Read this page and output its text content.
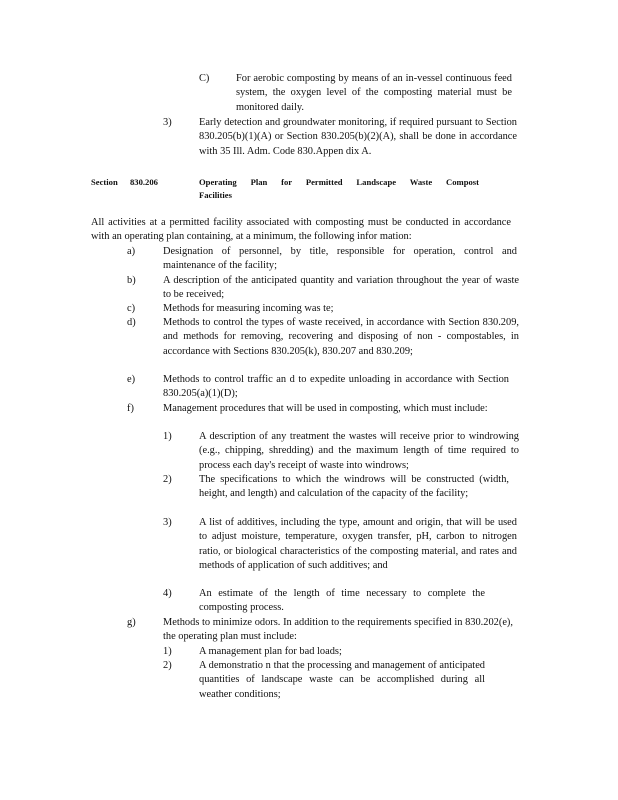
C)	For aerobic composting by means of an in-vessel continuous feed system, the oxygen level of the composting material must be monitored daily.
3)	Early detection and groundwater monitoring, if required pursuant to Section 830.205(b)(1)(A) or Section 830.205(b)(2)(A), shall be done in accordance with 35 Ill. Adm. Code 830.Appen dix A.
Section 830.206	Operating Plan for Permitted Landscape Waste Compost
Facilities
All activities at a permitted facility associated with composting must be conducted in accordance with an operating plan containing, at a minimum, the following infor mation:
a)	Designation of personnel, by title, responsible for operation, control and maintenance of the facility;
b)	A description of the anticipated quantity and variation throughout the year of waste to be received;
c)	Methods for measuring incoming was te;
d)	Methods to control the types of waste received, in accordance with Section 830.209, and methods for removing, recovering and disposing of non - compostables, in accordance with Sections 830.205(k), 830.207 and 830.209;
e)	Methods to control traffic an d to expedite unloading in accordance with Section 830.205(a)(1)(D);
f)	Management procedures that will be used in composting, which must include:
1)	A description of any treatment the wastes will receive prior to windrowing (e.g., chipping, shredding) and the maximum length of time required to process each day's receipt of waste into windrows;
2)	The specifications to which the windrows will be constructed (width, height, and length) and calculation of the capacity of the facility;
3)	A list of additives, including the type, amount and origin, that will be used to adjust moisture, temperature, oxygen transfer, pH, carbon to nitrogen ratio, or biological characteristics of the composting material, and rates and methods of application of such additives; and
4)	An estimate of the length of time necessary to complete the composting process.
g)	Methods to minimize odors. In addition to the requirements specified in 830.202(e), the operating plan must include:
1)	A management plan for bad loads;
2)	A demonstratio n that the processing and management of anticipated quantities of landscape waste can be accomplished during all weather conditions;
